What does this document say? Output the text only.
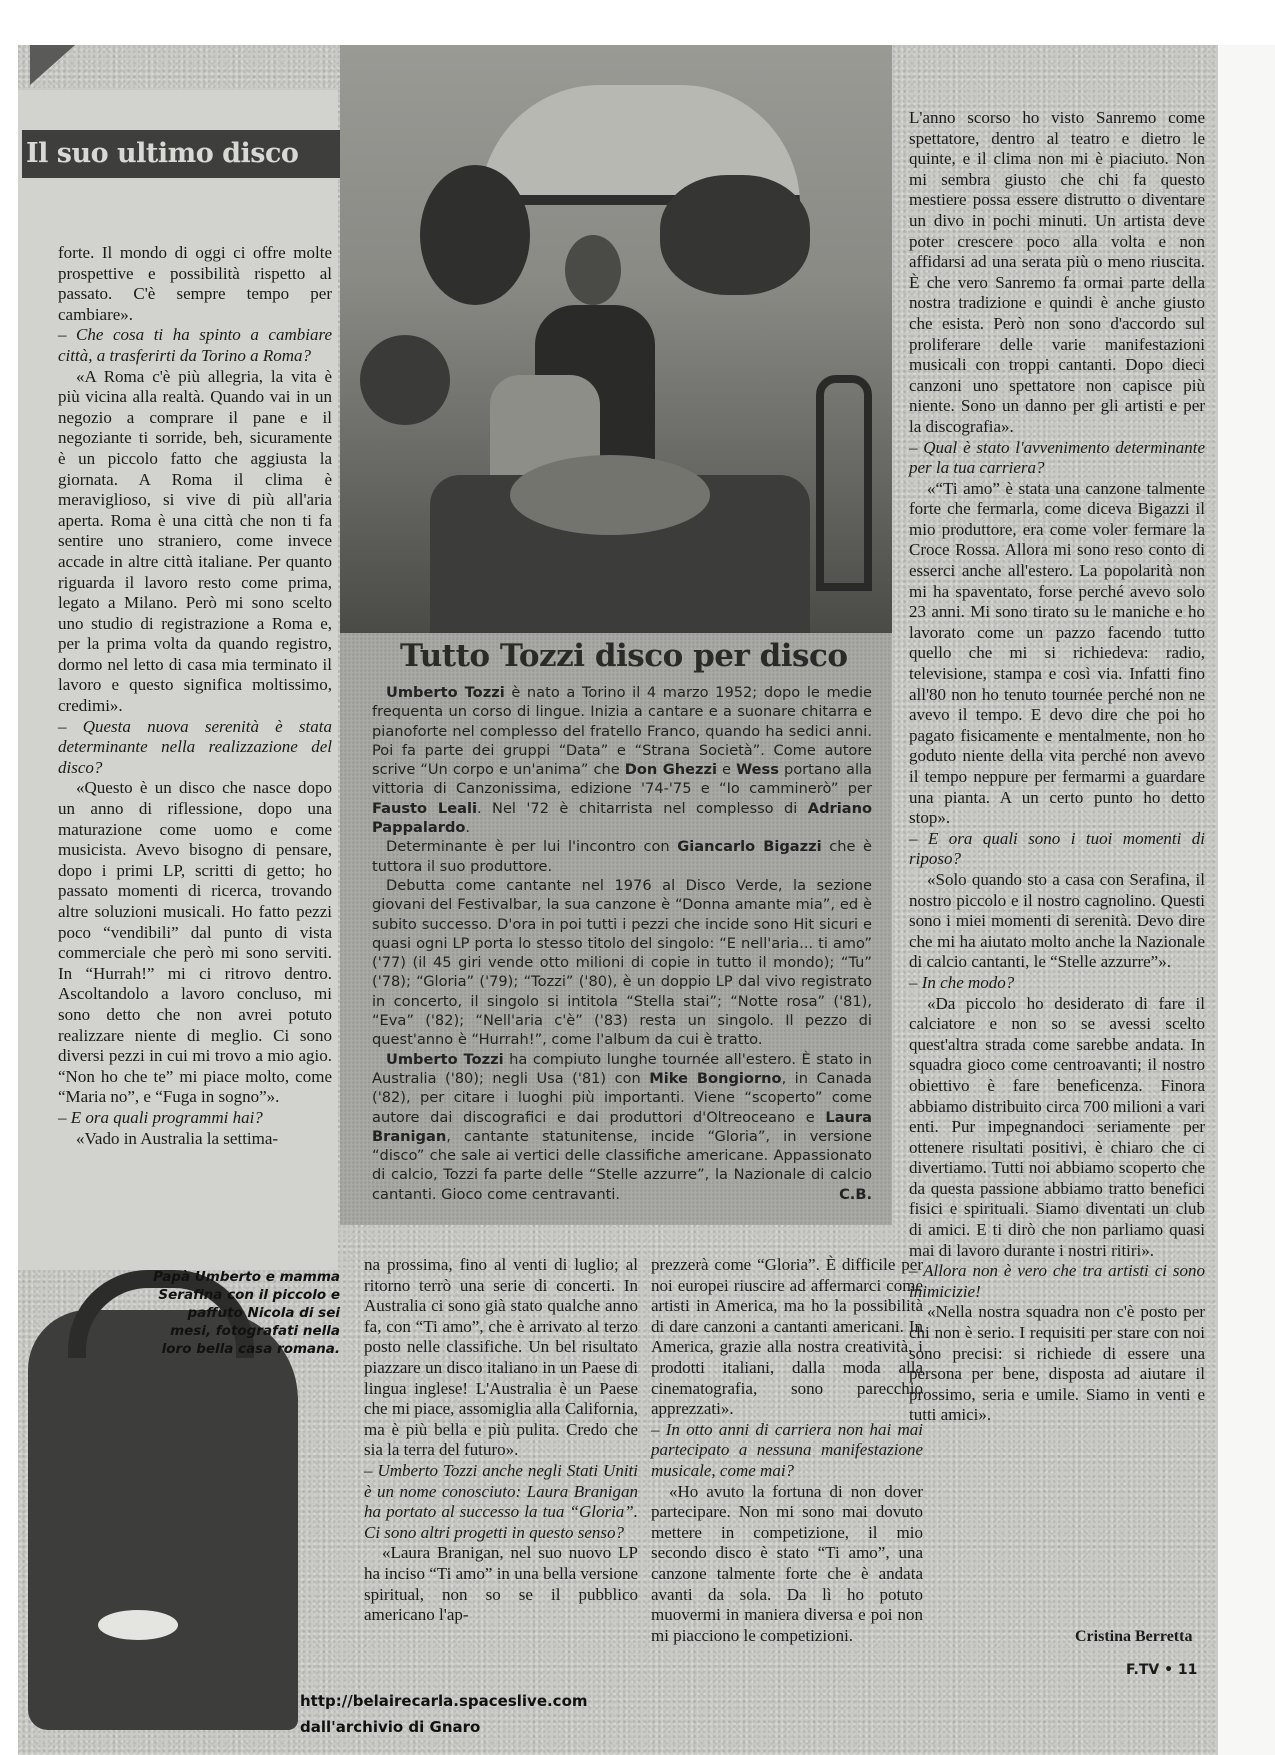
Il suo ultimo disco

forte. Il mondo di oggi ci offre molte prospettive e possibilità rispetto al passato. C'è sempre tempo per cambiare».

– Che cosa ti ha spinto a cambiare città, a trasferirti da Torino a Roma?

«A Roma c'è più allegria, la vita è più vicina alla realtà. Quando vai in un negozio a comprare il pane e il negoziante ti sorride, beh, sicuramente è un piccolo fatto che aggiusta la giornata. A Roma il clima è meraviglioso, si vive di più all'aria aperta. Roma è una città che non ti fa sentire uno straniero, come invece accade in altre città italiane. Per quanto riguarda il lavoro resto come prima, legato a Milano. Però mi sono scelto uno studio di registrazione a Roma e, per la prima volta da quando registro, dormo nel letto di casa mia terminato il lavoro e questo significa moltissimo, credimi».

– Questa nuova serenità è stata determinante nella realizzazione del disco?

«Questo è un disco che nasce dopo un anno di riflessione, dopo una maturazione come uomo e come musicista. Avevo bisogno di pensare, dopo i primi LP, scritti di getto; ho passato momenti di ricerca, trovando altre soluzioni musicali. Ho fatto pezzi poco “vendibili” dal punto di vista commerciale che però mi sono serviti. In “Hurrah!” mi ci ritrovo dentro. Ascoltandolo a lavoro concluso, mi sono detto che non avrei potuto realizzare niente di meglio. Ci sono diversi pezzi in cui mi trovo a mio agio. “Non ho che te” mi piace molto, come “Maria no”, e “Fuga in sogno”».

– E ora quali programmi hai?

«Vado in Australia la settima-

Tutto Tozzi disco per disco

Umberto Tozzi è nato a Torino il 4 marzo 1952; dopo le medie frequenta un corso di lingue. Inizia a cantare e a suonare chitarra e pianoforte nel complesso del fratello Franco, quando ha sedici anni. Poi fa parte dei gruppi “Data” e “Strana Società”. Come autore scrive “Un corpo e un'anima” che Don Ghezzi e Wess portano alla vittoria di Canzonissima, edizione '74-'75 e “Io camminerò” per Fausto Leali. Nel '72 è chitarrista nel complesso di Adriano Pappalardo.

Determinante è per lui l'incontro con Giancarlo Bigazzi che è tuttora il suo produttore.

Debutta come cantante nel 1976 al Disco Verde, la sezione giovani del Festivalbar, la sua canzone è “Donna amante mia”, ed è subito successo. D'ora in poi tutti i pezzi che incide sono Hit sicuri e quasi ogni LP porta lo stesso titolo del singolo: “E nell'aria... ti amo” ('77) (il 45 giri vende otto milioni di copie in tutto il mondo); “Tu” ('78); “Gloria” ('79); “Tozzi” ('80), è un doppio LP dal vivo registrato in concerto, il singolo si intitola “Stella stai”; “Notte rosa” ('81), “Eva” ('82); “Nell'aria c'è” ('83) resta un singolo. Il pezzo di quest'anno è “Hurrah!”, come l'album da cui è tratto.

Umberto Tozzi ha compiuto lunghe tournée all'estero. È stato in Australia ('80); negli Usa ('81) con Mike Bongiorno, in Canada ('82), per citare i luoghi più importanti. Viene “scoperto” come autore dai discografici e dai produttori d'Oltreoceano e Laura Branigan, cantante statunitense, incide “Gloria”, in versione “disco” che sale ai vertici delle classifiche americane. Appassionato di calcio, Tozzi fa parte delle “Stelle azzurre”, la Nazionale di calcio cantanti. Gioco come centravanti.	C.B.

L'anno scorso ho visto Sanremo come spettatore, dentro al teatro e dietro le quinte, e il clima non mi è piaciuto. Non mi sembra giusto che chi fa questo mestiere possa essere distrutto o diventare un divo in pochi minuti. Un artista deve poter crescere poco alla volta e non affidarsi ad una serata più o meno riuscita. È che vero Sanremo fa ormai parte della nostra tradizione e quindi è anche giusto che esista. Però non sono d'accordo sul proliferare delle varie manifestazioni musicali con troppi cantanti. Dopo dieci canzoni uno spettatore non capisce più niente. Sono un danno per gli artisti e per la discografia».

– Qual è stato l'avvenimento determinante per la tua carriera?

«“Ti amo” è stata una canzone talmente forte che fermarla, come diceva Bigazzi il mio produttore, era come voler fermare la Croce Rossa. Allora mi sono reso conto di esserci anche all'estero. La popolarità non mi ha spaventato, forse perché avevo solo 23 anni. Mi sono tirato su le maniche e ho lavorato come un pazzo facendo tutto quello che mi si richiedeva: radio, televisione, stampa e così via. Infatti fino all'80 non ho tenuto tournée perché non ne avevo il tempo. E devo dire che poi ho pagato fisicamente e mentalmente, non ho goduto niente della vita perché non avevo il tempo neppure per fermarmi a guardare una pianta. A un certo punto ho detto stop».

– E ora quali sono i tuoi momenti di riposo?

«Solo quando sto a casa con Serafina, il nostro piccolo e il nostro cagnolino. Questi sono i miei momenti di serenità. Devo dire che mi ha aiutato molto anche la Nazionale di calcio cantanti, le “Stelle azzurre”».

– In che modo?

«Da piccolo ho desiderato di fare il calciatore e non so se avessi scelto quest'altra strada come sarebbe andata. In squadra gioco come centroavanti; il nostro obiettivo è fare beneficenza. Finora abbiamo distribuito circa 700 milioni a vari enti. Pur impegnandoci seriamente per ottenere risultati positivi, è chiaro che ci divertiamo. Tutti noi abbiamo scoperto che da questa passione abbiamo tratto benefici fisici e spirituali. Siamo diventati un club di amici. E ti dirò che non parliamo quasi mai di lavoro durante i nostri ritiri».

– Allora non è vero che tra artisti ci sono inimicizie!

«Nella nostra squadra non c'è posto per chi non è serio. I requisiti per stare con noi sono precisi: si richiede di essere una persona per bene, disposta ad aiutare il prossimo, seria e umile. Siamo in venti e tutti amici».

Papà Umberto e mamma Serafina con il piccolo e paffuto Nicola di sei mesi, fotografati nella loro bella casa romana.

na prossima, fino al venti di luglio; al ritorno terrò una serie di concerti. In Australia ci sono già stato qualche anno fa, con “Ti amo”, che è arrivato al terzo posto nelle classifiche. Un bel risultato piazzare un disco italiano in un Paese di lingua inglese! L'Australia è un Paese che mi piace, assomiglia alla California, ma è più bella e più pulita. Credo che sia la terra del futuro».

– Umberto Tozzi anche negli Stati Uniti è un nome conosciuto: Laura Branigan ha portato al successo la tua “Gloria”. Ci sono altri progetti in questo senso?

«Laura Branigan, nel suo nuovo LP ha inciso “Ti amo” in una bella versione spiritual, non so se il pubblico americano l'ap-

prezzerà come “Gloria”. È difficile per noi europei riuscire ad affermarci come artisti in America, ma ho la possibilità di dare canzoni a cantanti americani. In America, grazie alla nostra creatività, i prodotti italiani, dalla moda alla cinematografia, sono parecchio apprezzati».

– In otto anni di carriera non hai mai partecipato a nessuna manifestazione musicale, come mai?

«Ho avuto la fortuna di non dover partecipare. Non mi sono mai dovuto mettere in competizione, il mio secondo disco è stato “Ti amo”, una canzone talmente forte che è andata avanti da sola. Da lì ho potuto muovermi in maniera diversa e poi non mi piacciono le competizioni.	Cristina Berretta
F.TV • 11
http://belairecarla.spaceslive.com
dall'archivio di Gnaro
